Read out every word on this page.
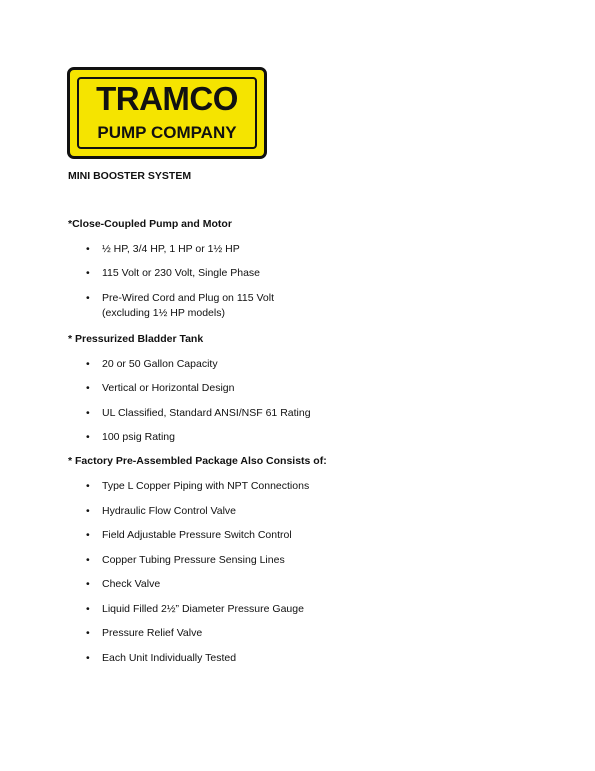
TRAMCO
PUMP COMPANY
MINI BOOSTER SYSTEM
*Close-Coupled Pump and Motor
• ½ HP, 3/4 HP, 1 HP or 1½ HP
• 115 Volt or 230 Volt, Single Phase
• Pre-Wired Cord and Plug on 115 Volt
(excluding 1½ HP models)
* Pressurized Bladder Tank
• 20 or 50 Gallon Capacity
• Vertical or Horizontal Design
• UL Classified, Standard ANSI/NSF 61 Rating
• 100 psig Rating
* Factory Pre-Assembled Package Also Consists of:
• Type L Copper Piping with NPT Connections
• Hydraulic Flow Control Valve
• Field Adjustable Pressure Switch Control
• Copper Tubing Pressure Sensing Lines
• Check Valve
• Liquid Filled 2½” Diameter Pressure Gauge
• Pressure Relief Valve
• Each Unit Individually Tested
